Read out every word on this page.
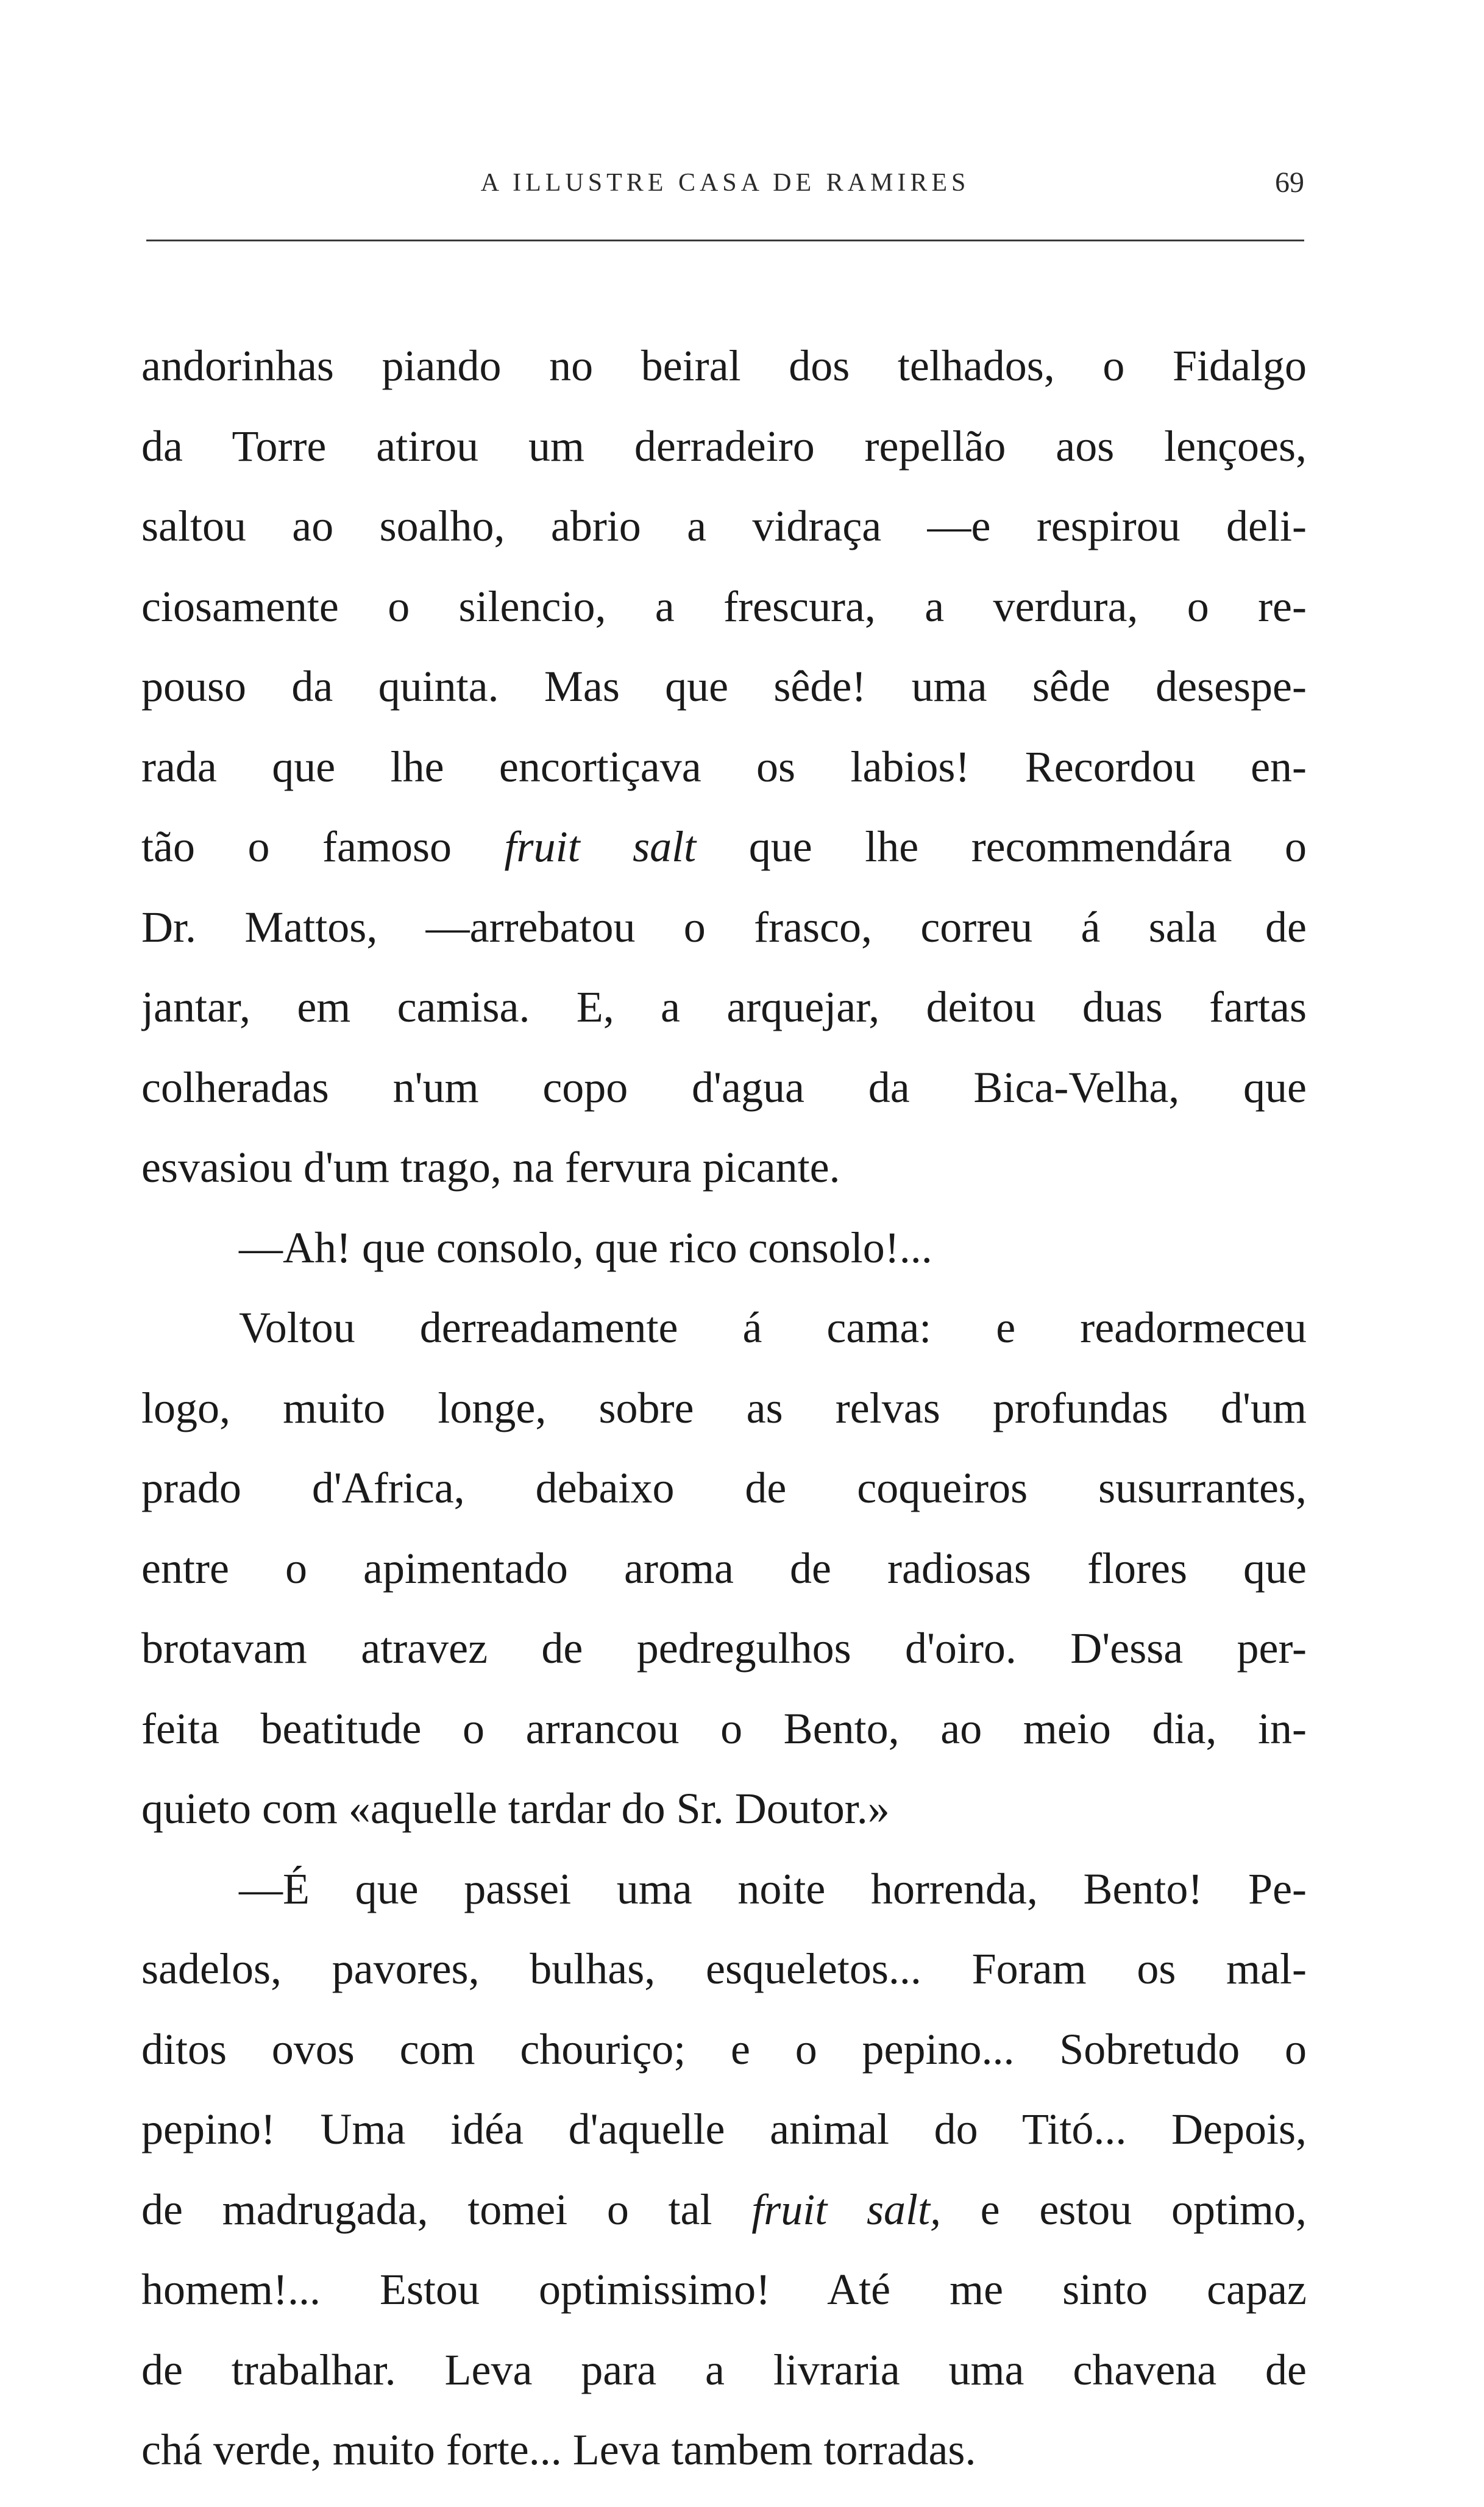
A ILLUSTRE CASA DE RAMIRES	69
andorinhas piando no beiral dos telhados, o Fidalgo
da Torre atirou um derradeiro repellão aos lençoes,
saltou ao soalho, abrio a vidraça —e respirou deli-
ciosamente o silencio, a frescura, a verdura, o re-
pouso da quinta. Mas que sêde! uma sêde desespe-
rada que lhe encortiçava os labios! Recordou en-
tão o famoso fruit salt que lhe recommendára o
Dr. Mattos, —arrebatou o frasco, correu á sala de
jantar, em camisa. E, a arquejar, deitou duas fartas
colheradas n'um copo d'agua da Bica-Velha, que
esvasiou d'um trago, na fervura picante.
—Ah! que consolo, que rico consolo!...
Voltou derreadamente á cama: e readormeceu
logo, muito longe, sobre as relvas profundas d'um
prado d'Africa, debaixo de coqueiros susurrantes,
entre o apimentado aroma de radiosas flores que
brotavam atravez de pedregulhos d'oiro. D'essa per-
feita beatitude o arrancou o Bento, ao meio dia, in-
quieto com «aquelle tardar do Sr. Doutor.»
—É que passei uma noite horrenda, Bento! Pe-
sadelos, pavores, bulhas, esqueletos... Foram os mal-
ditos ovos com chouriço; e o pepino... Sobretudo o
pepino! Uma idéa d'aquelle animal do Titó... Depois,
de madrugada, tomei o tal fruit salt, e estou optimo,
homem!... Estou optimissimo! Até me sinto capaz
de trabalhar. Leva para a livraria uma chavena de
chá verde, muito forte... Leva tambem torradas.
